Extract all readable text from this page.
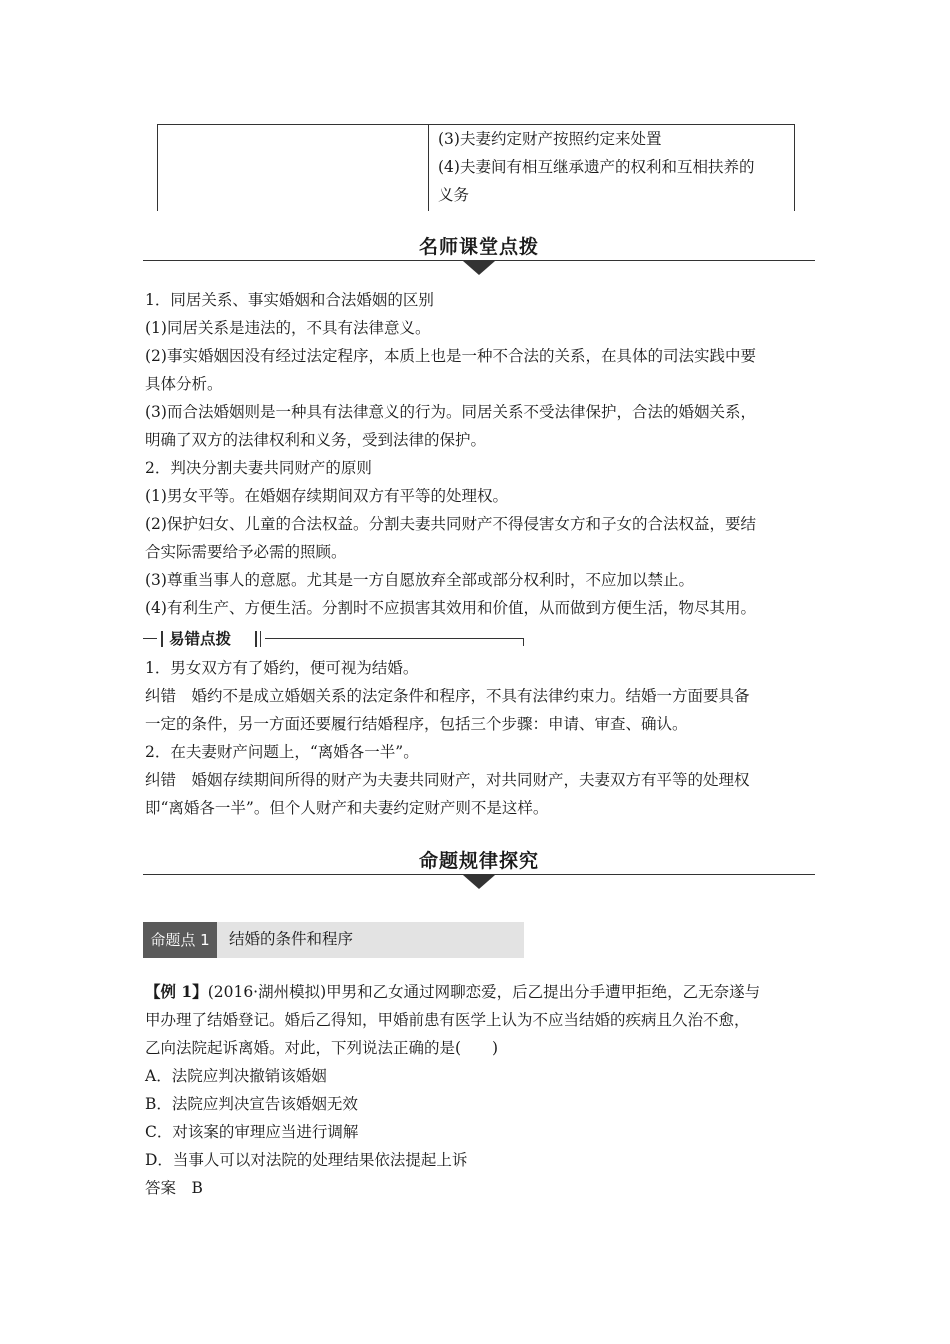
(3)夫妻约定财产按照约定来处置
(4)夫妻间有相互继承遗产的权利和互相扶养的
义务
名师课堂点拨
1．同居关系、事实婚姻和合法婚姻的区别
(1)同居关系是违法的，不具有法律意义。
(2)事实婚姻因没有经过法定程序，本质上也是一种不合法的关系，在具体的司法实践中要
具体分析。
(3)而合法婚姻则是一种具有法律意义的行为。同居关系不受法律保护，合法的婚姻关系，
明确了双方的法律权利和义务，受到法律的保护。
2．判决分割夫妻共同财产的原则
(1)男女平等。在婚姻存续期间双方有平等的处理权。
(2)保护妇女、儿童的合法权益。分割夫妻共同财产不得侵害女方和子女的合法权益，要结
合实际需要给予必需的照顾。
(3)尊重当事人的意愿。尤其是一方自愿放弃全部或部分权利时，不应加以禁止。
(4)有利生产、方便生活。分割时不应损害其效用和价值，从而做到方便生活，物尽其用。
易错点拨
1．男女双方有了婚约，便可视为结婚。
纠错　婚约不是成立婚姻关系的法定条件和程序，不具有法律约束力。结婚一方面要具备
一定的条件，另一方面还要履行结婚程序，包括三个步骤：申请、审查、确认。
2．在夫妻财产问题上，“离婚各一半”。
纠错　婚姻存续期间所得的财产为夫妻共同财产，对共同财产，夫妻双方有平等的处理权
即“离婚各一半”。但个人财产和夫妻约定财产则不是这样。
命题规律探究
命题点 1	结婚的条件和程序
【例 1】(2016·湖州模拟)甲男和乙女通过网聊恋爱，后乙提出分手遭甲拒绝，乙无奈遂与
甲办理了结婚登记。婚后乙得知，甲婚前患有医学上认为不应当结婚的疾病且久治不愈，
乙向法院起诉离婚。对此，下列说法正确的是(　　)
A．法院应判决撤销该婚姻
B．法院应判决宣告该婚姻无效
C．对该案的审理应当进行调解
D．当事人可以对法院的处理结果依法提起上诉
答案　B
